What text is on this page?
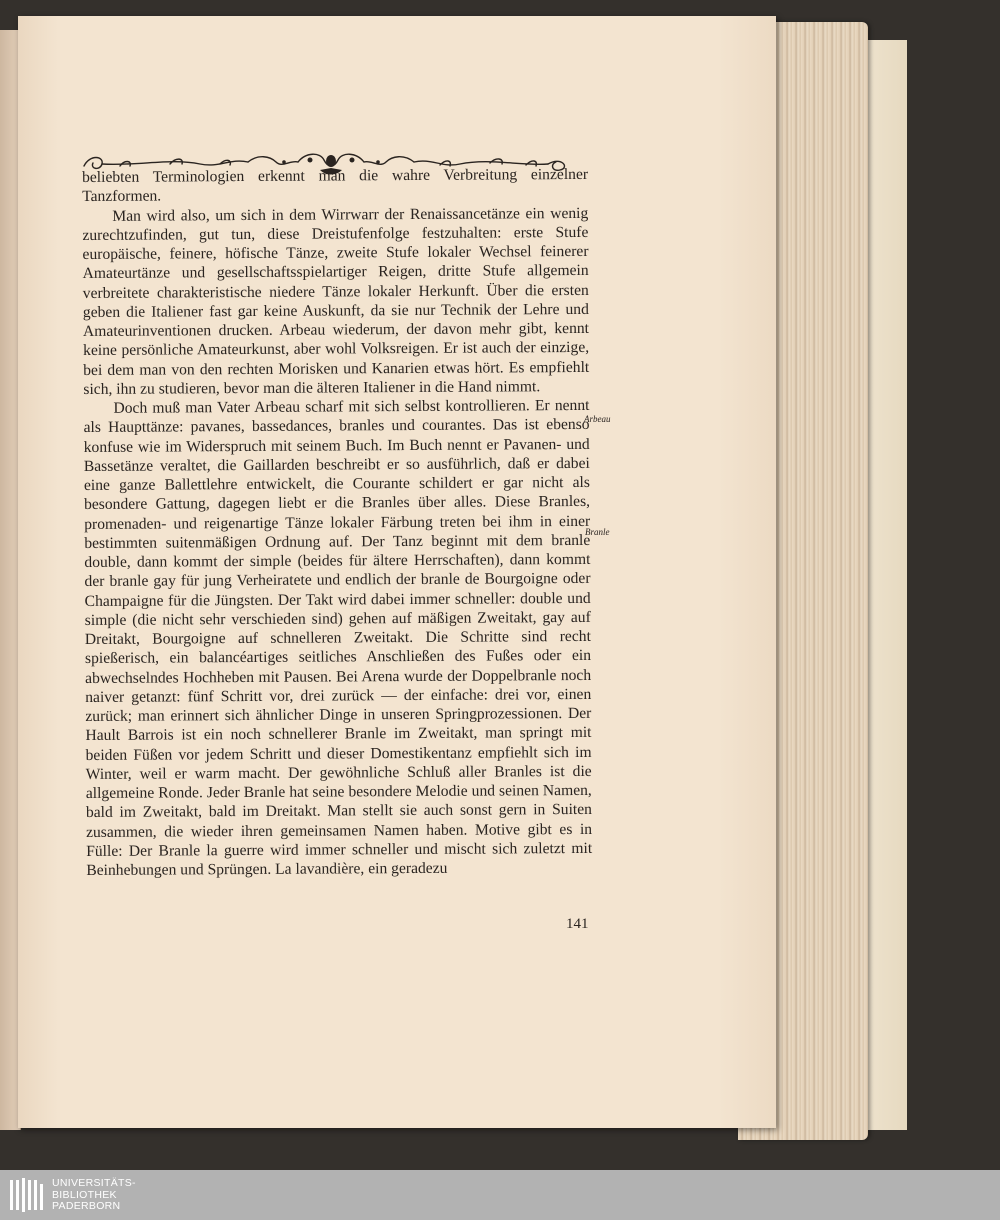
beliebten Terminologien erkennt man die wahre Verbreitung einzelner Tanzformen.

Man wird also, um sich in dem Wirrwarr der Renaissancetänze ein wenig zurechtzufinden, gut tun, diese Dreistufenfolge festzuhalten: erste Stufe europäische, feinere, höfische Tänze, zweite Stufe lokaler Wechsel feinerer Amateurtänze und gesellschaftsspielartiger Reigen, dritte Stufe allgemein verbreitete charakteristische niedere Tänze lokaler Herkunft. Über die ersten geben die Italiener fast gar keine Auskunft, da sie nur Technik der Lehre und Amateurinventionen drucken. Arbeau wiederum, der davon mehr gibt, kennt keine persönliche Amateurkunst, aber wohl Volksreigen. Er ist auch der einzige, bei dem man von den rechten Morisken und Kanarien etwas hört. Es empfiehlt sich, ihn zu studieren, bevor man die älteren Italiener in die Hand nimmt.

Doch muß man Vater Arbeau scharf mit sich selbst kontrollieren. Er nennt als Haupttänze: pavanes, bassedances, branles und courantes. Das ist ebenso konfuse wie im Widerspruch mit seinem Buch. Im Buch nennt er Pavanen- und Bassetänze veraltet, die Gaillarden beschreibt er so ausführlich, daß er dabei eine ganze Ballettlehre entwickelt, die Courante schildert er gar nicht als besondere Gattung, dagegen liebt er die Branles über alles. Diese Branles, promenaden- und reigenartige Tänze lokaler Färbung treten bei ihm in einer bestimmten suitenmäßigen Ordnung auf. Der Tanz beginnt mit dem branle double, dann kommt der simple (beides für ältere Herrschaften), dann kommt der branle gay für jung Verheiratete und endlich der branle de Bourgoigne oder Champaigne für die Jüngsten. Der Takt wird dabei immer schneller: double und simple (die nicht sehr verschieden sind) gehen auf mäßigen Zweitakt, gay auf Dreitakt, Bourgoigne auf schnelleren Zweitakt. Die Schritte sind recht spießerisch, ein balancéartiges seitliches Anschließen des Fußes oder ein abwechselndes Hochheben mit Pausen. Bei Arena wurde der Doppelbranle noch naiver getanzt: fünf Schritt vor, drei zurück — der einfache: drei vor, einen zurück; man erinnert sich ähnlicher Dinge in unseren Springprozessionen. Der Hault Barrois ist ein noch schnellerer Branle im Zweitakt, man springt mit beiden Füßen vor jedem Schritt und dieser Domestikentanz empfiehlt sich im Winter, weil er warm macht. Der gewöhnliche Schluß aller Branles ist die allgemeine Ronde. Jeder Branle hat seine besondere Melodie und seinen Namen, bald im Zweitakt, bald im Dreitakt. Man stellt sie auch sonst gern in Suiten zusammen, die wieder ihren gemeinsamen Namen haben. Motive gibt es in Fülle: Der Branle la guerre wird immer schneller und mischt sich zuletzt mit Beinhebungen und Sprüngen. La lavandière, ein geradezu

Arbeau
Branle
141
UNIVERSITÄTS-
BIBLIOTHEK
PADERBORN
